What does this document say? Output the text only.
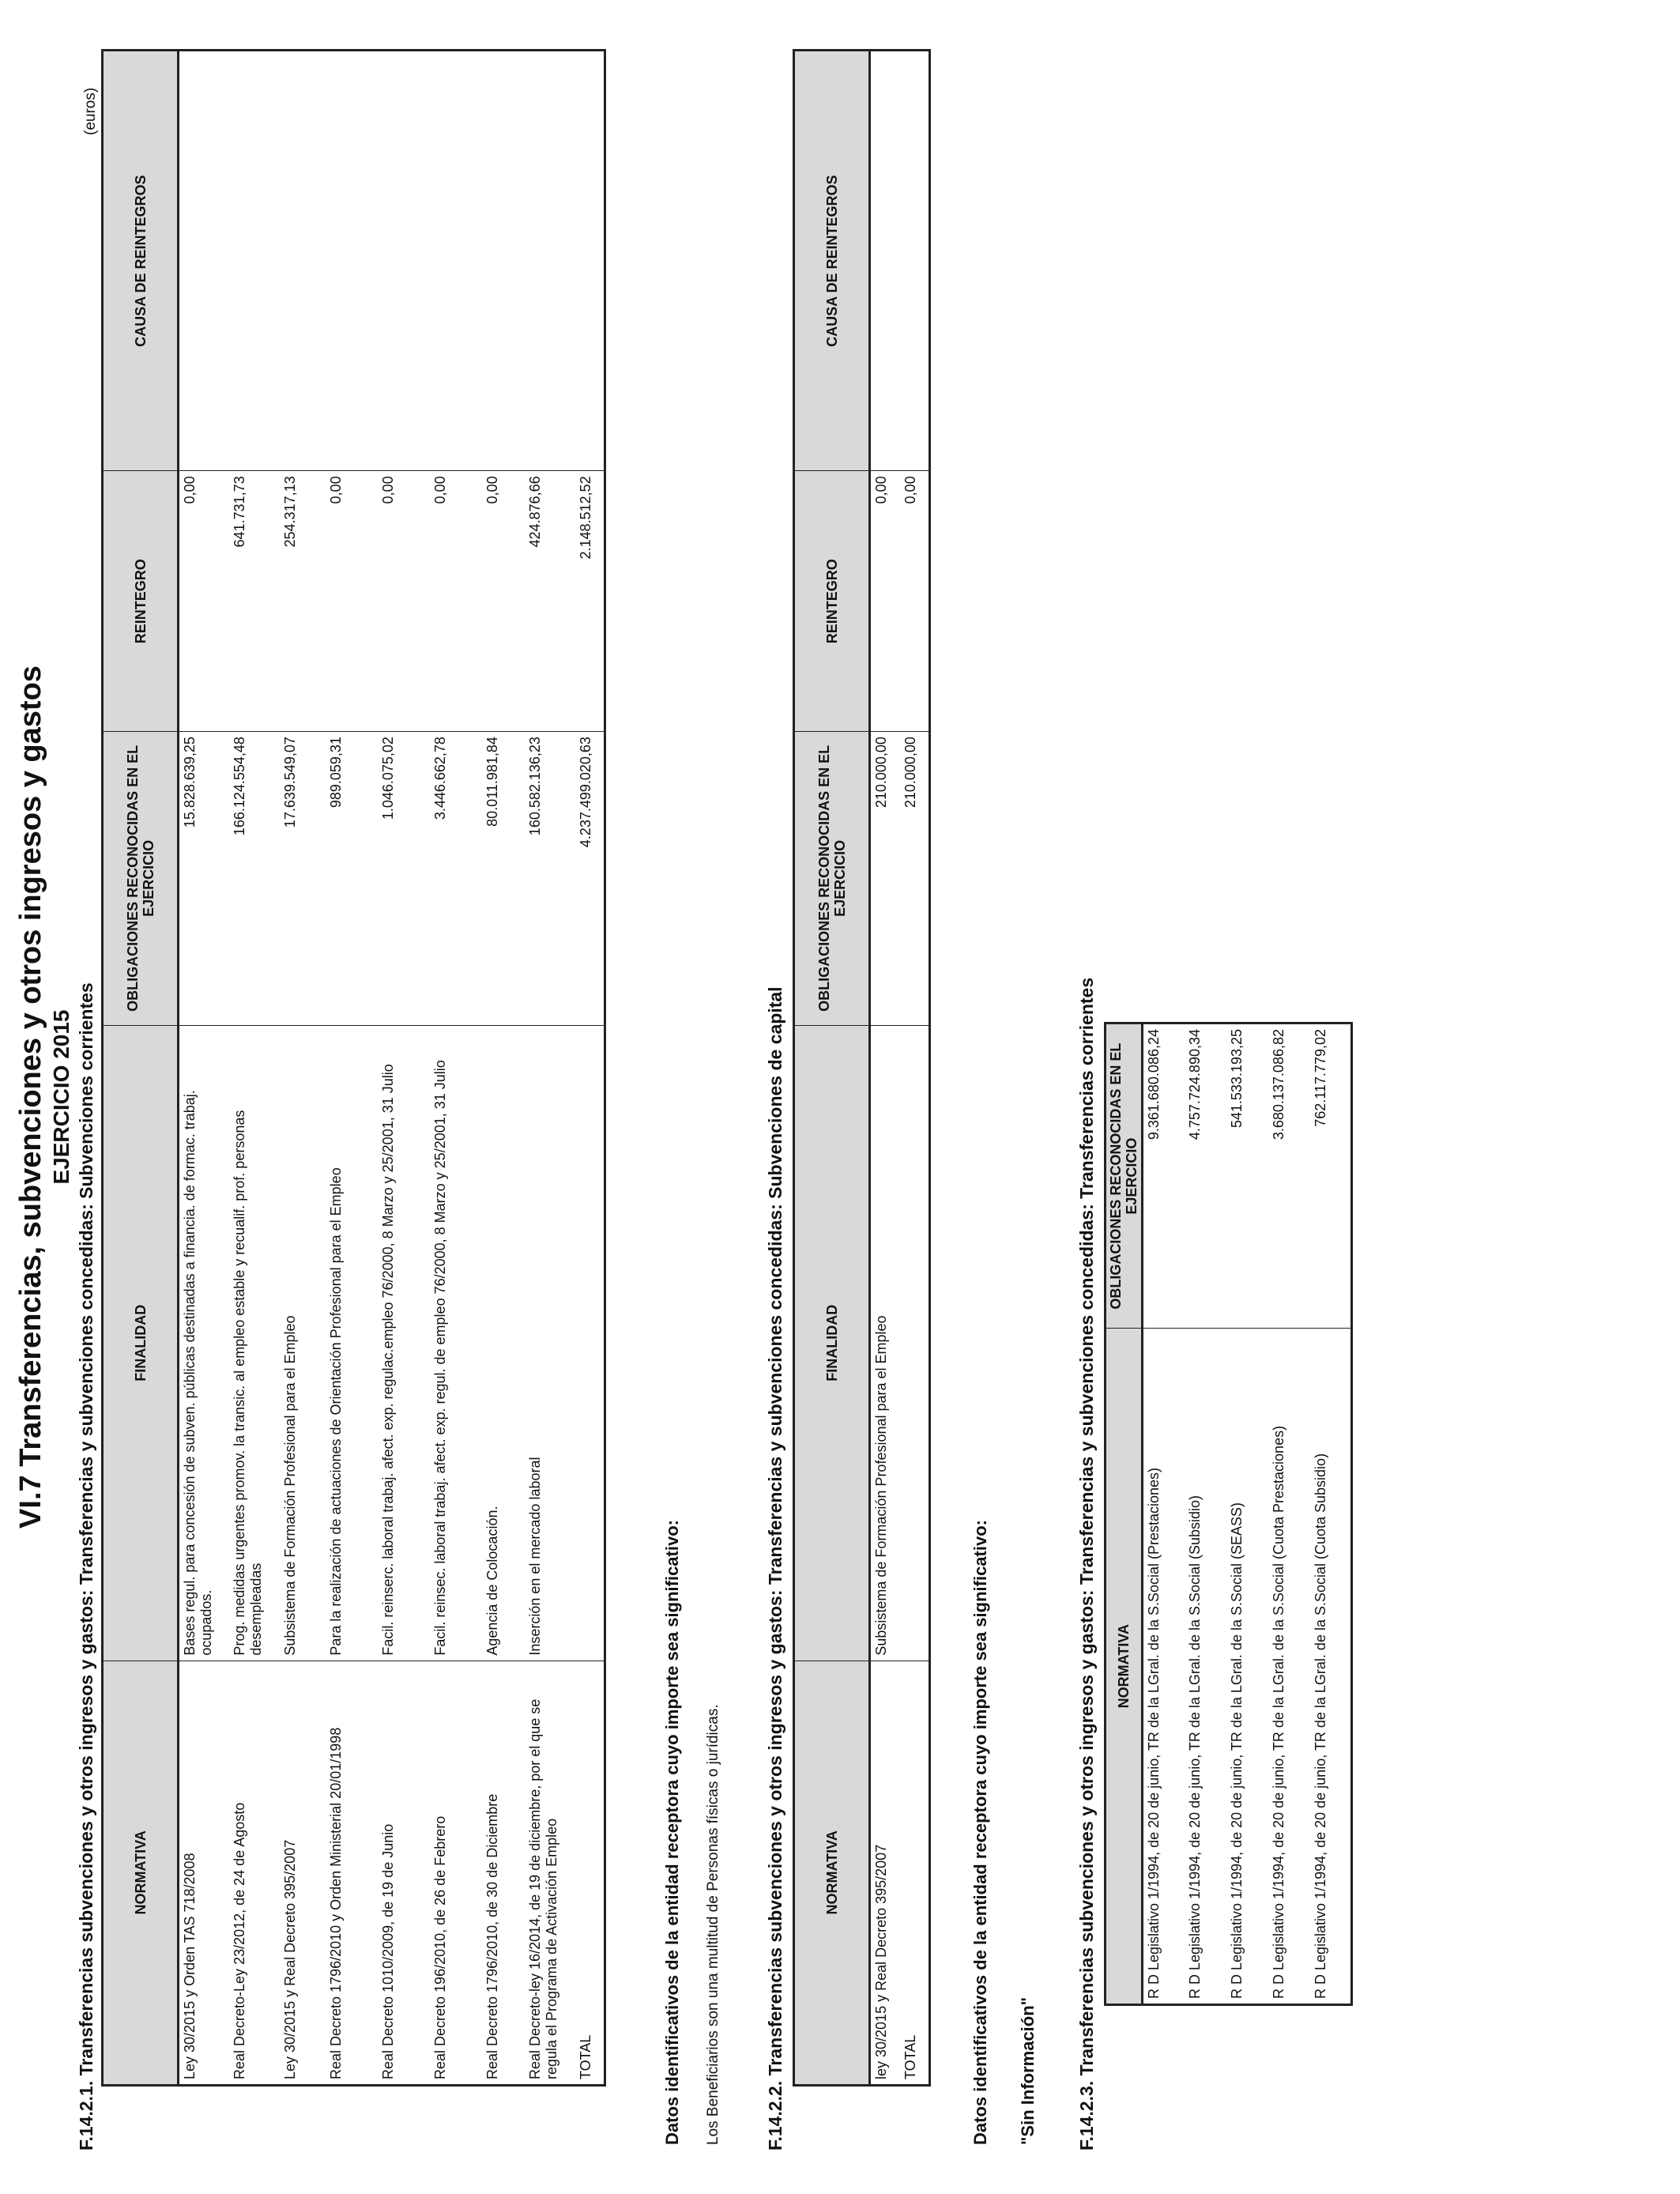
VI.7 Transferencias, subvenciones y otros ingresos y gastos EJERCICIO 2015 F.14.2.1. Transferencias subvenciones y otros ingresos y gastos: Transferencias y subvenciones concedidas: Subvenciones corrientes
(euros)
NORMATIVA	FINALIDAD	OBLIGACIONES RECONOCIDAS EN EL EJERCICIO	REINTEGRO	CAUSA DE REINTEGROS
Ley 30/2015 y Orden TAS 718/2008	Bases regul. para concesión de subven. públicas destinadas a financia. de formac. trabaj. ocupados.	15.828.639,25	0,00	
Real Decreto-Ley 23/2012, de 24 de Agosto	Prog. medidas urgentes promov. la transic. al empleo estable y recualif. prof. personas desempleadas	166.124.554,48	641.731,73	
Ley 30/2015 y Real Decreto 395/2007	Subsistema de Formación Profesional para el Empleo	17.639.549,07	254.317,13	
Real Decreto 1796/2010 y Orden Ministerial 20/01/1998	Para la realización de actuaciones de Orientación Profesional para el Empleo	989.059,31	0,00	
Real Decreto 1010/2009, de 19 de Junio	Facil. reinserc. laboral trabaj. afect. exp. regulac.empleo 76/2000, 8 Marzo y 25/2001, 31 Julio	1.046.075,02	0,00	
Real Decreto 196/2010, de 26 de Febrero	Facil. reinsec. laboral trabaj. afect. exp. regul. de empleo 76/2000, 8 Marzo y 25/2001, 31 Julio	3.446.662,78	0,00	
Real Decreto 1796/2010, de 30 de Diciembre	Agencia de Colocación.	80.011.981,84	0,00	
Real Decreto-ley 16/2014, de 19 de diciembre, por el que se regula el Programa de Activación Empleo	Inserción en el mercado laboral	160.582.136,23	424.876,66	
TOTAL		4.237.499.020,63	2.148.512,52	
Datos identificativos de la entidad receptora cuyo importe sea significativo: Los Beneficiarios son una multitud de Personas físicas o jurídicas. F.14.2.2. Transferencias subvenciones y otros ingresos y gastos: Transferencias y subvenciones concedidas: Subvenciones de capital	NORMATIVA	FINALIDAD	OBLIGACIONES RECONOCIDAS EN EL EJERCICIO	REINTEGRO	CAUSA DE REINTEGROS
ley 30/2015 y Real Decreto 395/2007	Subsistema de Formación Profesional para el Empleo	210.000,00	0,00	
TOTAL		210.000,00	0,00	
Datos identificativos de la entidad receptora cuyo importe sea significativo: "Sin Información" F.14.2.3. Transferencias subvenciones y otros ingresos y gastos: Transferencias y subvenciones concedidas: Transferencias corrientes NORMATIVA	OBLIGACIONES RECONOCIDAS EN EL EJERCICIO
R D Legislativo 1/1994, de 20 de junio, TR de la LGral. de la S.Social (Prestaciones)	9.361.680.086,24
R D Legislativo 1/1994, de 20 de junio, TR de la LGral. de la S.Social (Subsidio)	4.757.724.890,34
R D Legislativo 1/1994, de 20 de junio, TR de la LGral. de la S.Social (SEASS)	541.533.193,25
R D Legislativo 1/1994, de 20 de junio, TR de la LGral. de la S.Social (Cuota Prestaciones)	3.680.137.086,82
R D Legislativo 1/1994, de 20 de junio, TR de la LGral. de la S.Social (Cuota Subsidio)	762.117.779,02
